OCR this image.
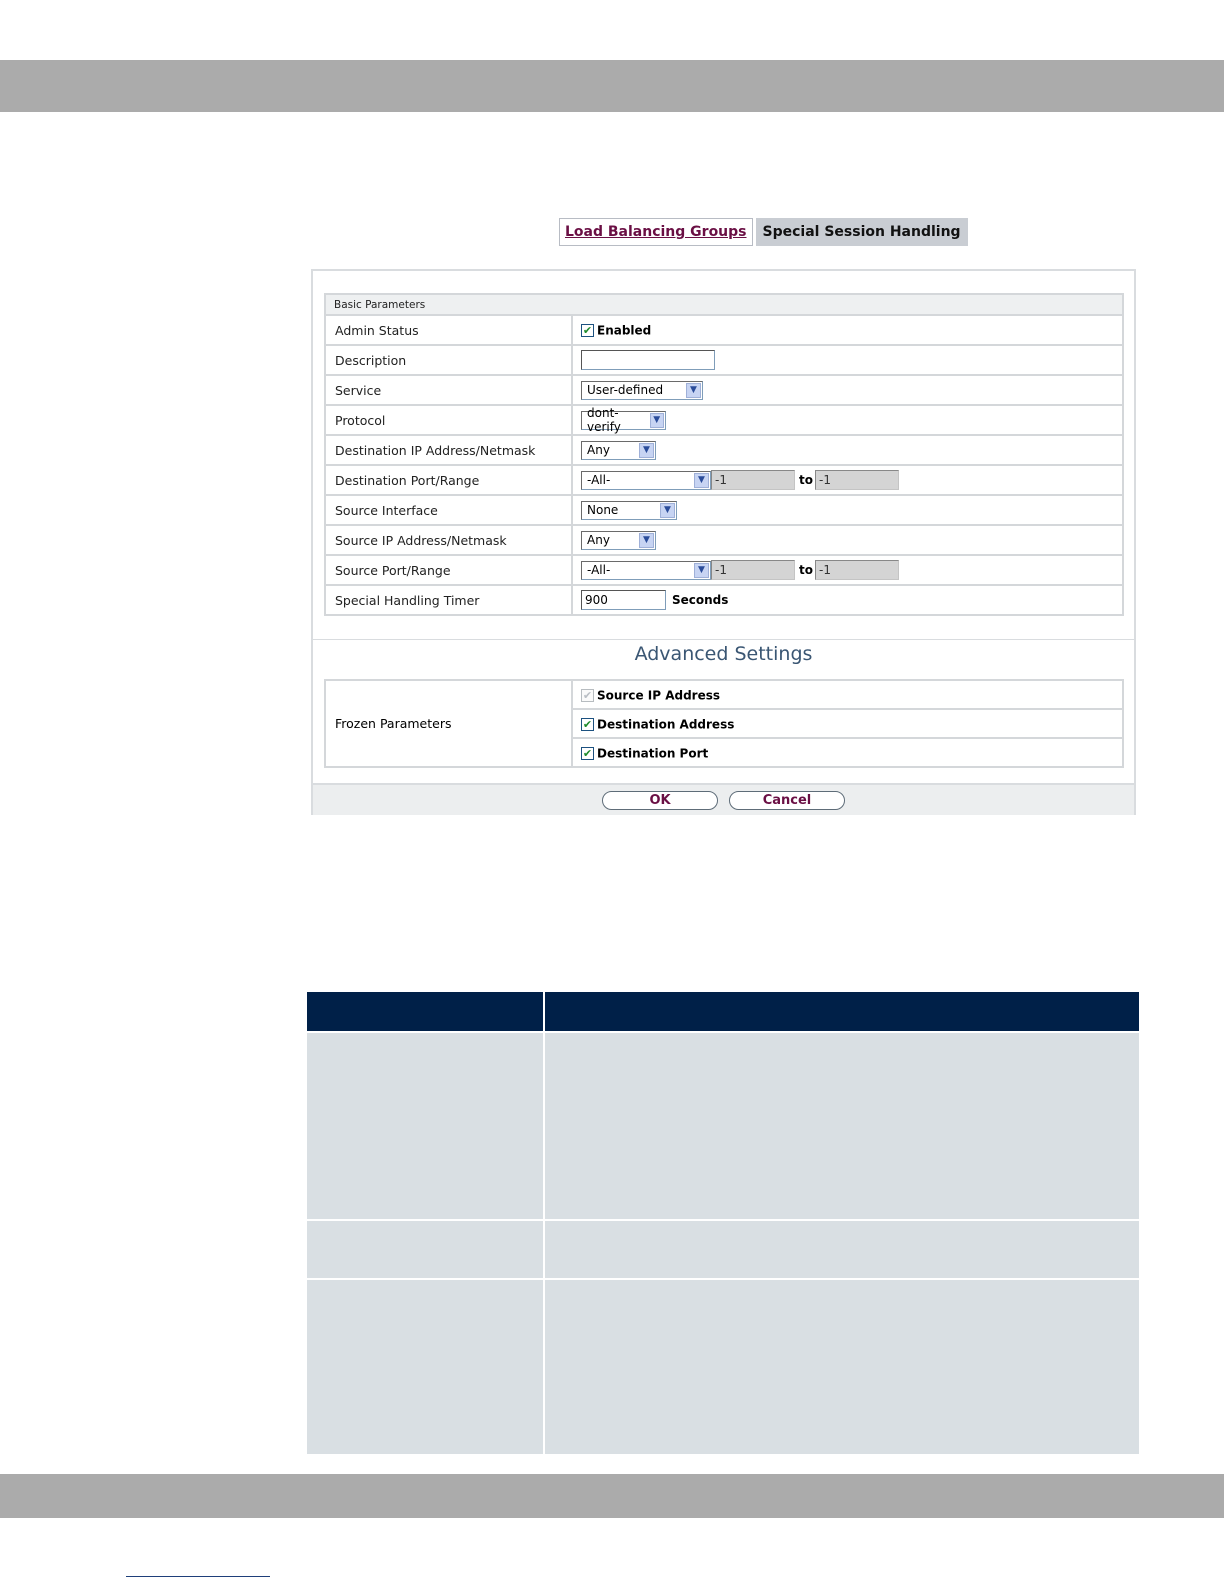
Load Balancing Groups	Special Session Handling
Basic Parameters	
Admin Status	✔ Enabled
Description	
Service	User-defined ▼

Protocol	dont-verify ▼

Destination IP Address/Netmask	Any ▼

Destination Port/Range	-All- ▼ -1 to -1
Source Interface	None ▼

Source IP Address/Netmask	Any ▼

Source Port/Range	-All- ▼ -1 to -1
Special Handling Timer	900 Seconds
Advanced Settings
Frozen Parameters	✔ Source IP Address
✔ Destination Address
✔ Destination Port
OK	Cancel
